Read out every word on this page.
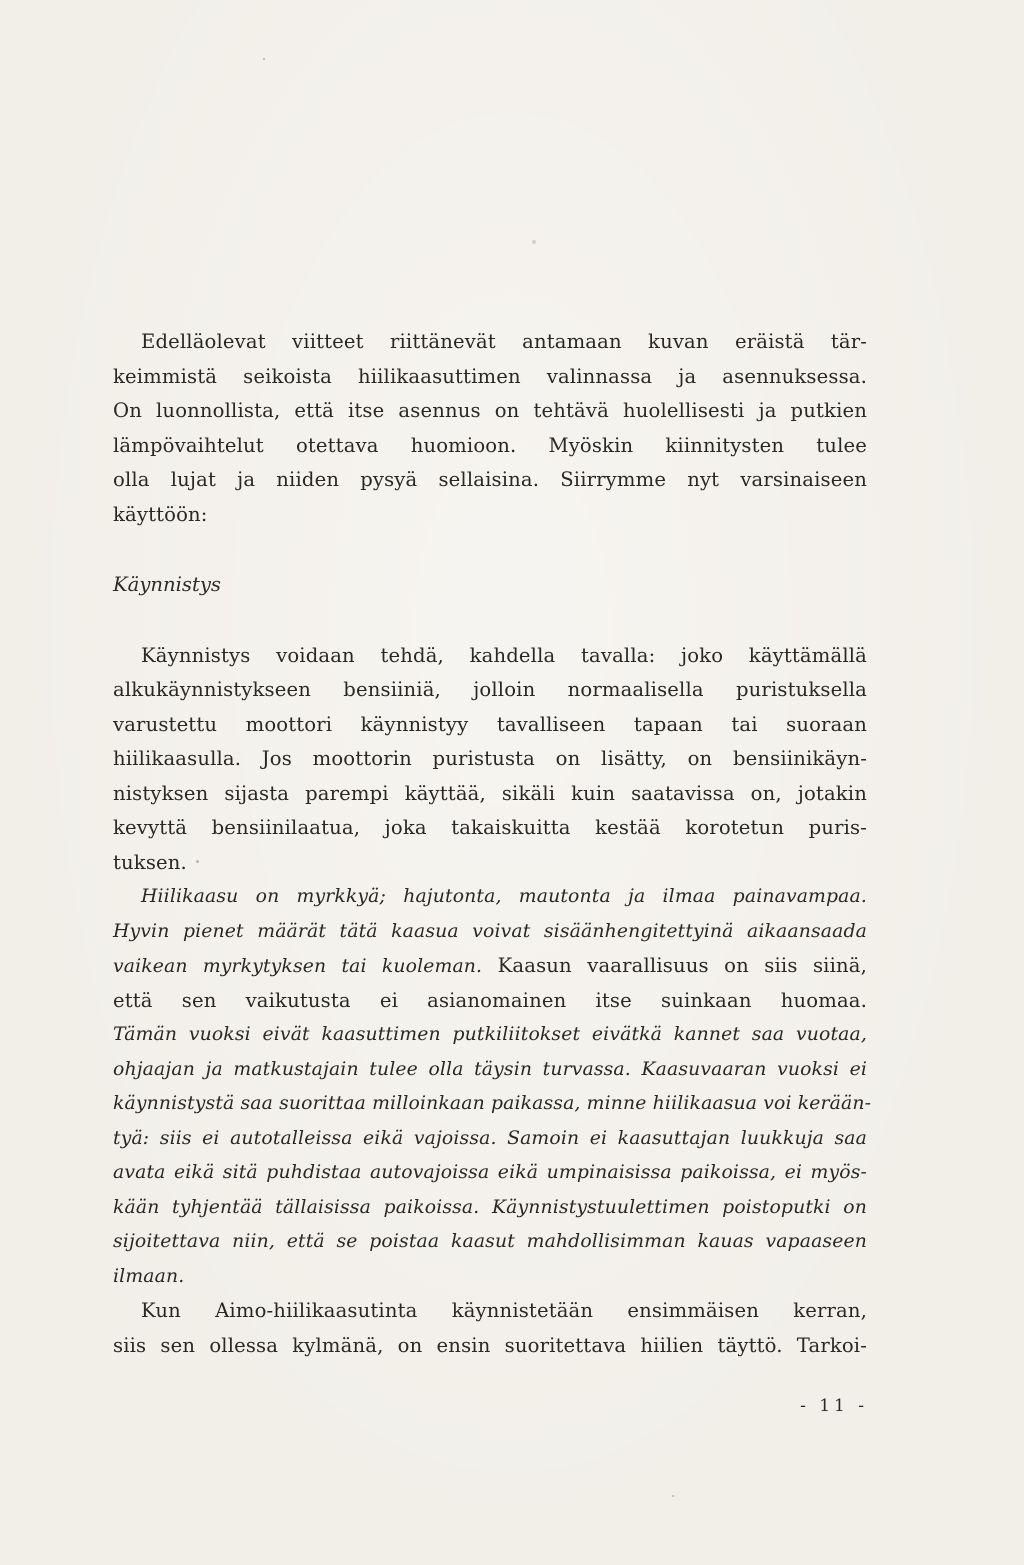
Edelläolevat viitteet riittänevät antamaan kuvan eräistä tär-
keimmistä seikoista hiilikaasuttimen valinnassa ja asennuksessa.
On luonnollista, että itse asennus on tehtävä huolellisesti ja putkien
lämpövaihtelut otettava huomioon. Myöskin kiinnitysten tulee
olla lujat ja niiden pysyä sellaisina. Siirrymme nyt varsinaiseen
käyttöön:
Käynnistys
Käynnistys voidaan tehdä, kahdella tavalla: joko käyttämällä
alkukäynnistykseen bensiiniä, jolloin normaalisella puristuksella
varustettu moottori käynnistyy tavalliseen tapaan tai suoraan
hiilikaasulla. Jos moottorin puristusta on lisätty, on bensiinikäyn-
nistyksen sijasta parempi käyttää, sikäli kuin saatavissa on, jotakin
kevyttä bensiinilaatua, joka takaiskuitta kestää korotetun puris-
tuksen.
Hiilikaasu on myrkkyä; hajutonta, mautonta ja ilmaa painavampaa.
Hyvin pienet määrät tätä kaasua voivat sisäänhengitettyinä aikaansaada
vaikean myrkytyksen tai kuoleman. Kaasun vaarallisuus on siis siinä,
että sen vaikutusta ei asianomainen itse suinkaan huomaa.
Tämän vuoksi eivät kaasuttimen putkiliitokset eivätkä kannet saa vuotaa,
ohjaajan ja matkustajain tulee olla täysin turvassa. Kaasuvaaran vuoksi ei
käynnistystä saa suorittaa milloinkaan paikassa, minne hiilikaasua voi kerään-
tyä: siis ei autotalleissa eikä vajoissa. Samoin ei kaasuttajan luukkuja saa
avata eikä sitä puhdistaa autovajoissa eikä umpinaisissa paikoissa, ei myös-
kään tyhjentää tällaisissa paikoissa. Käynnistystuulettimen poistoputki on
sijoitettava niin, että se poistaa kaasut mahdollisimman kauas vapaaseen
ilmaan.
Kun Aimo-hiilikaasutinta käynnistetään ensimmäisen kerran,
siis sen ollessa kylmänä, on ensin suoritettava hiilien täyttö. Tarkoi-
- 11 -
